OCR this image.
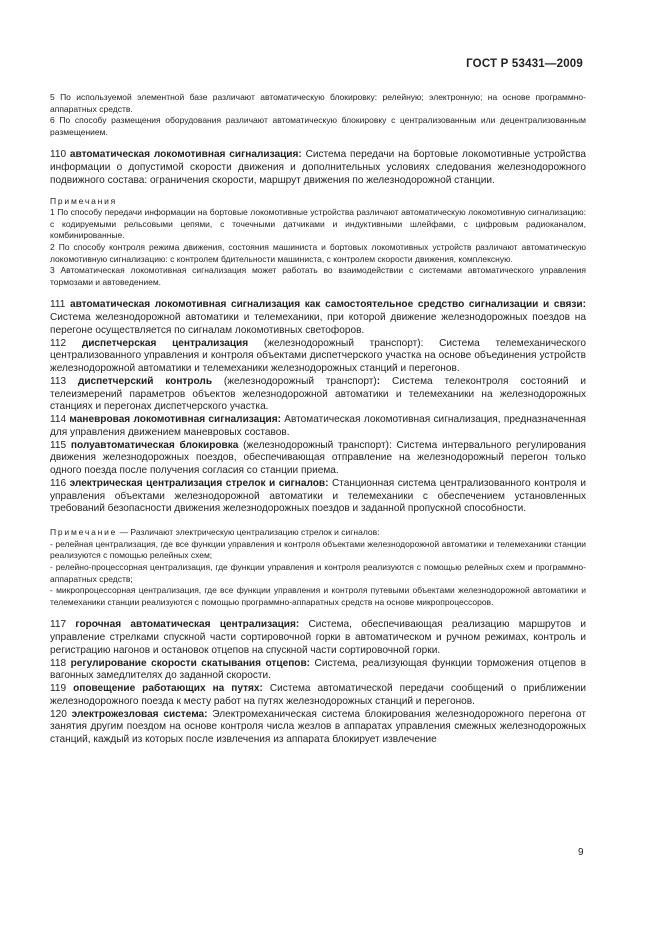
ГОСТ Р 53431—2009

5 По используемой элементной базе различают автоматическую блокировку: релейную; электронную; на основе программно-аппаратных средств.

6 По способу размещения оборудования различают автоматическую блокировку с централизованным или децентрализованным размещением.

110 автоматическая локомотивная сигнализация: Система передачи на бортовые локомотивные устройства информации о допустимой скорости движения и дополнительных условиях следования железнодорожного подвижного состава: ограничения скорости, маршрут движения по железнодорожной станции.

Примечания

1 По способу передачи информации на бортовые локомотивные устройства различают автоматическую локомотивную сигнализацию: с кодируемыми рельсовыми цепями, с точечными датчиками и индуктивными шлейфами, с цифровым радиоканалом, комбинированные.

2 По способу контроля режима движения, состояния машиниста и бортовых локомотивных устройств различают автоматическую локомотивную сигнализацию: с контролем бдительности машиниста, с контролем скорости движения, комплексную.

3 Автоматическая локомотивная сигнализация может работать во взаимодействии с системами автоматического управления тормозами и автоведением.

111 автоматическая локомотивная сигнализация как самостоятельное средство сигнализации и связи: Система железнодорожной автоматики и телемеханики, при которой движение железнодорожных поездов на перегоне осуществляется по сигналам локомотивных светофоров.

112 диспетчерская централизация (железнодорожный транспорт): Система телемеханического централизованного управления и контроля объектами диспетчерского участка на основе объединения устройств железнодорожной автоматики и телемеханики железнодорожных станций и перегонов.

113 диспетчерский контроль (железнодорожный транспорт): Система телеконтроля состояний и телеизмерений параметров объектов железнодорожной автоматики и телемеханики на железнодорожных станциях и перегонах диспетчерского участка.

114 маневровая локомотивная сигнализация: Автоматическая локомотивная сигнализация, предназначенная для управления движением маневровых составов.

115 полуавтоматическая блокировка (железнодорожный транспорт): Система интервального регулирования движения железнодорожных поездов, обеспечивающая отправление на железнодорожный перегон только одного поезда после получения согласия со станции приема.

116 электрическая централизация стрелок и сигналов: Станционная система централизованного контроля и управления объектами железнодорожной автоматики и телемеханики с обеспечением установленных требований безопасности движения железнодорожных поездов и заданной пропускной способности.

Примечание — Различают электрическую централизацию стрелок и сигналов:

- релейная централизация, где все функции управления и контроля объектами железнодорожной автоматики и телемеханики станции реализуются с помощью релейных схем;

- релейно-процессорная централизация, где функции управления и контроля реализуются с помощью релейных схем и программно-аппаратных средств;

- микропроцессорная централизация, где все функции управления и контроля путевыми объектами железнодорожной автоматики и телемеханики станции реализуются с помощью программно-аппаратных средств на основе микропроцессоров.

117 горочная автоматическая централизация: Система, обеспечивающая реализацию маршрутов и управление стрелками спускной части сортировочной горки в автоматическом и ручном режимах, контроль и регистрацию нагонов и остановок отцепов на спускной части сортировочной горки.

118 регулирование скорости скатывания отцепов: Система, реализующая функции торможения отцепов в вагонных замедлителях до заданной скорости.

119 оповещение работающих на путях: Система автоматической передачи сообщений о приближении железнодорожного поезда к месту работ на путях железнодорожных станций и перегонов.

120 электрожезловая система: Электромеханическая система блокирования железнодорожного перегона от занятия другим поездом на основе контроля числа жезлов в аппаратах управления смежных железнодорожных станций, каждый из которых после извлечения из аппарата блокирует извлечение

9
